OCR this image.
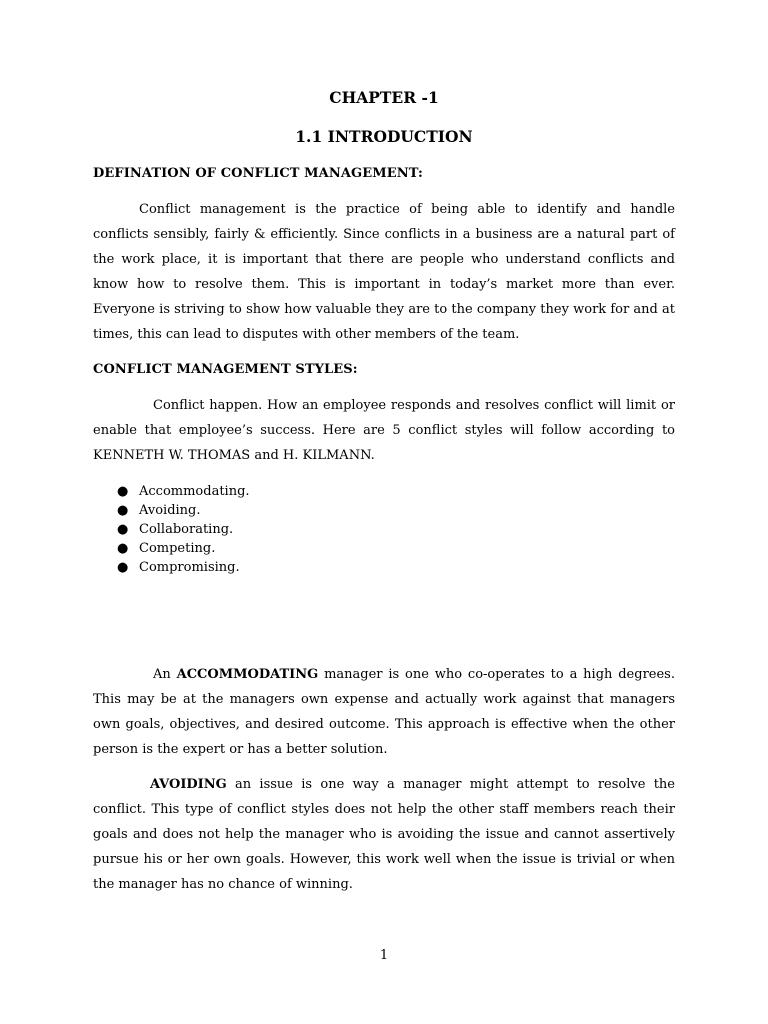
CHAPTER -1
1.1 INTRODUCTION
DEFINATION OF CONFLICT MANAGEMENT:

Conflict management is the practice of being able to identify and handle conflicts sensibly, fairly & efficiently. Since conflicts in a business are a natural part of the work place, it is important that there are people who understand conflicts and know how to resolve them. This is important in today’s market more than ever. Everyone is striving to show how valuable they are to the company they work for and at times, this can lead to disputes with other members of the team.

CONFLICT MANAGEMENT STYLES:

Conflict happen. How an employee responds and resolves conflict will limit or enable that employee’s success. Here are 5 conflict styles will follow according to KENNETH W. THOMAS and H. KILMANN.

● Accommodating.
● Avoiding.
● Collaborating.
● Competing.
● Compromising.

An ACCOMMODATING manager is one who co-operates to a high degrees. This may be at the managers own expense and actually work against that managers own goals, objectives, and desired outcome. This approach is effective when the other person is the expert or has a better solution.

AVOIDING an issue is one way a manager might attempt to resolve the conflict. This type of conflict styles does not help the other staff members reach their goals and does not help the manager who is avoiding the issue and cannot assertively pursue his or her own goals. However, this work well when the issue is trivial or when the manager has no chance of winning.

1
